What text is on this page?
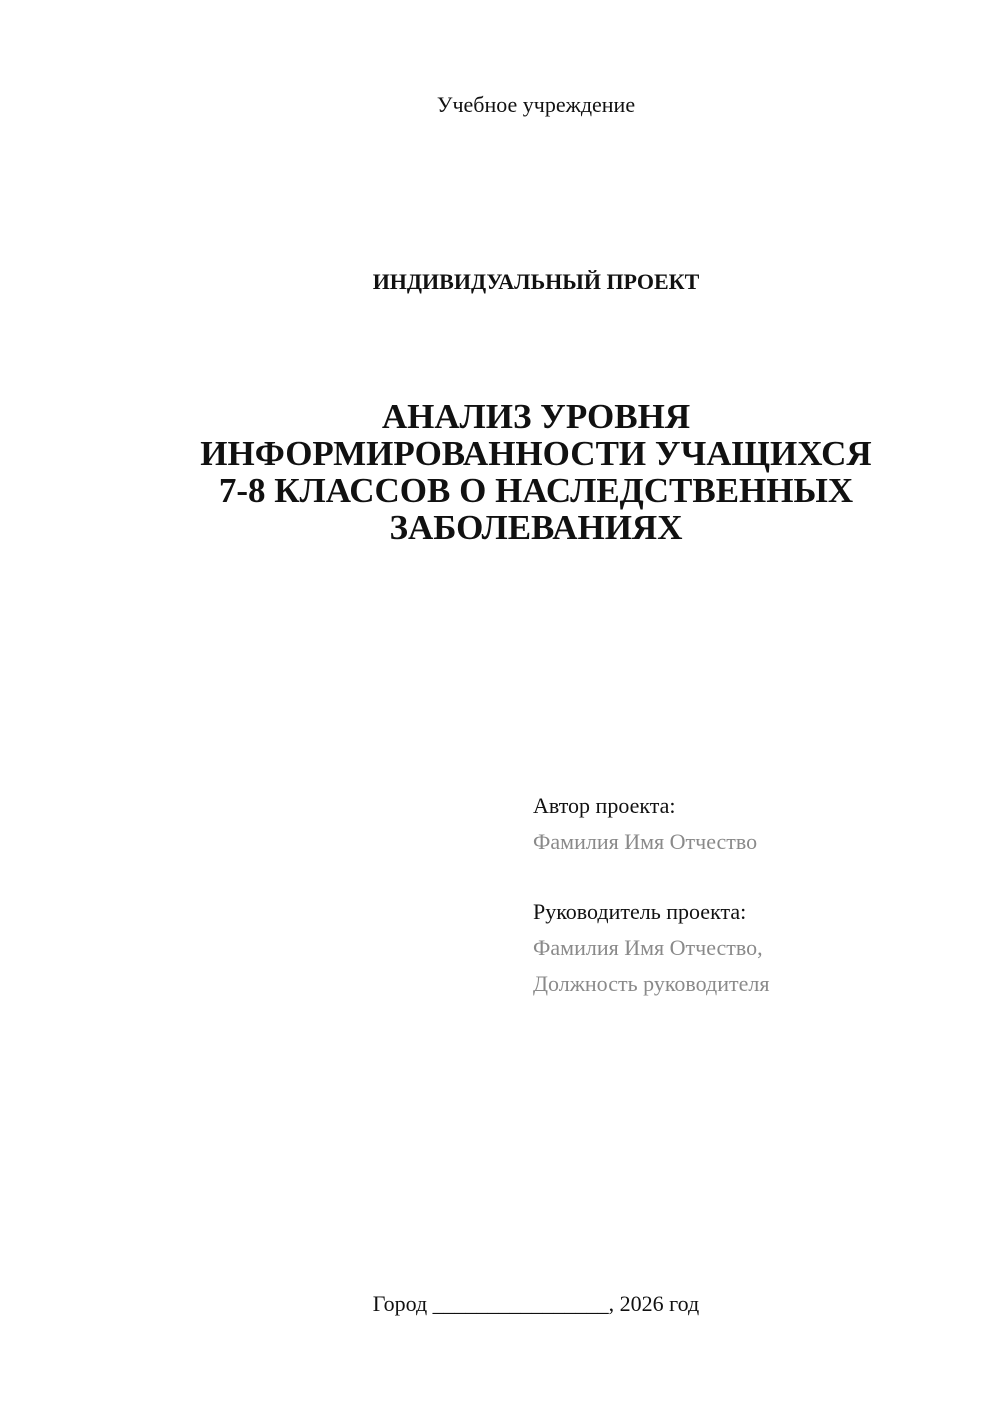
Учебное учреждение
ИНДИВИДУАЛЬНЫЙ ПРОЕКТ
АНАЛИЗ УРОВНЯ
ИНФОРМИРОВАННОСТИ УЧАЩИХСЯ
7-8 КЛАССОВ О НАСЛЕДСТВЕННЫХ
ЗАБОЛЕВАНИЯХ
Автор проекта:
Фамилия Имя Отчество
Руководитель проекта:
Фамилия Имя Отчество,
Должность руководителя
Город ________________, 2026 год
